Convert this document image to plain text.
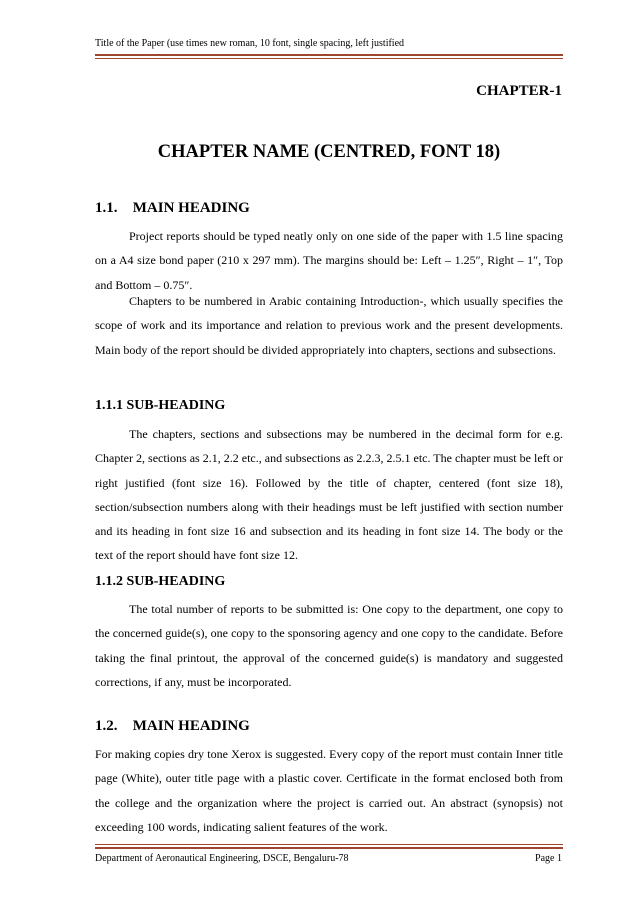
Title of the Paper (use times new roman, 10 font, single spacing, left justified
CHAPTER-1
CHAPTER NAME (CENTRED, FONT 18)
1.1. MAIN HEADING

Project reports should be typed neatly only on one side of the paper with 1.5 line spacing on a A4 size bond paper (210 x 297 mm). The margins should be: Left – 1.25″, Right – 1″, Top and Bottom – 0.75″.

Chapters to be numbered in Arabic containing Introduction-, which usually specifies the scope of work and its importance and relation to previous work and the present developments. Main body of the report should be divided appropriately into chapters, sections and subsections.

1.1.1 SUB-HEADING

The chapters, sections and subsections may be numbered in the decimal form for e.g. Chapter 2, sections as 2.1, 2.2 etc., and subsections as 2.2.3, 2.5.1 etc. The chapter must be left or right justified (font size 16). Followed by the title of chapter, centered (font size 18), section/subsection numbers along with their headings must be left justified with section number and its heading in font size 16 and subsection and its heading in font size 14. The body or the text of the report should have font size 12.

1.1.2 SUB-HEADING

The total number of reports to be submitted is: One copy to the department, one copy to the concerned guide(s), one copy to the sponsoring agency and one copy to the candidate. Before taking the final printout, the approval of the concerned guide(s) is mandatory and suggested corrections, if any, must be incorporated.

1.2. MAIN HEADING

For making copies dry tone Xerox is suggested. Every copy of the report must contain Inner title page (White), outer title page with a plastic cover. Certificate in the format enclosed both from the college and the organization where the project is carried out. An abstract (synopsis) not exceeding 100 words, indicating salient features of the work.

Department of Aeronautical Engineering, DSCE, Bengaluru-78	Page 1
